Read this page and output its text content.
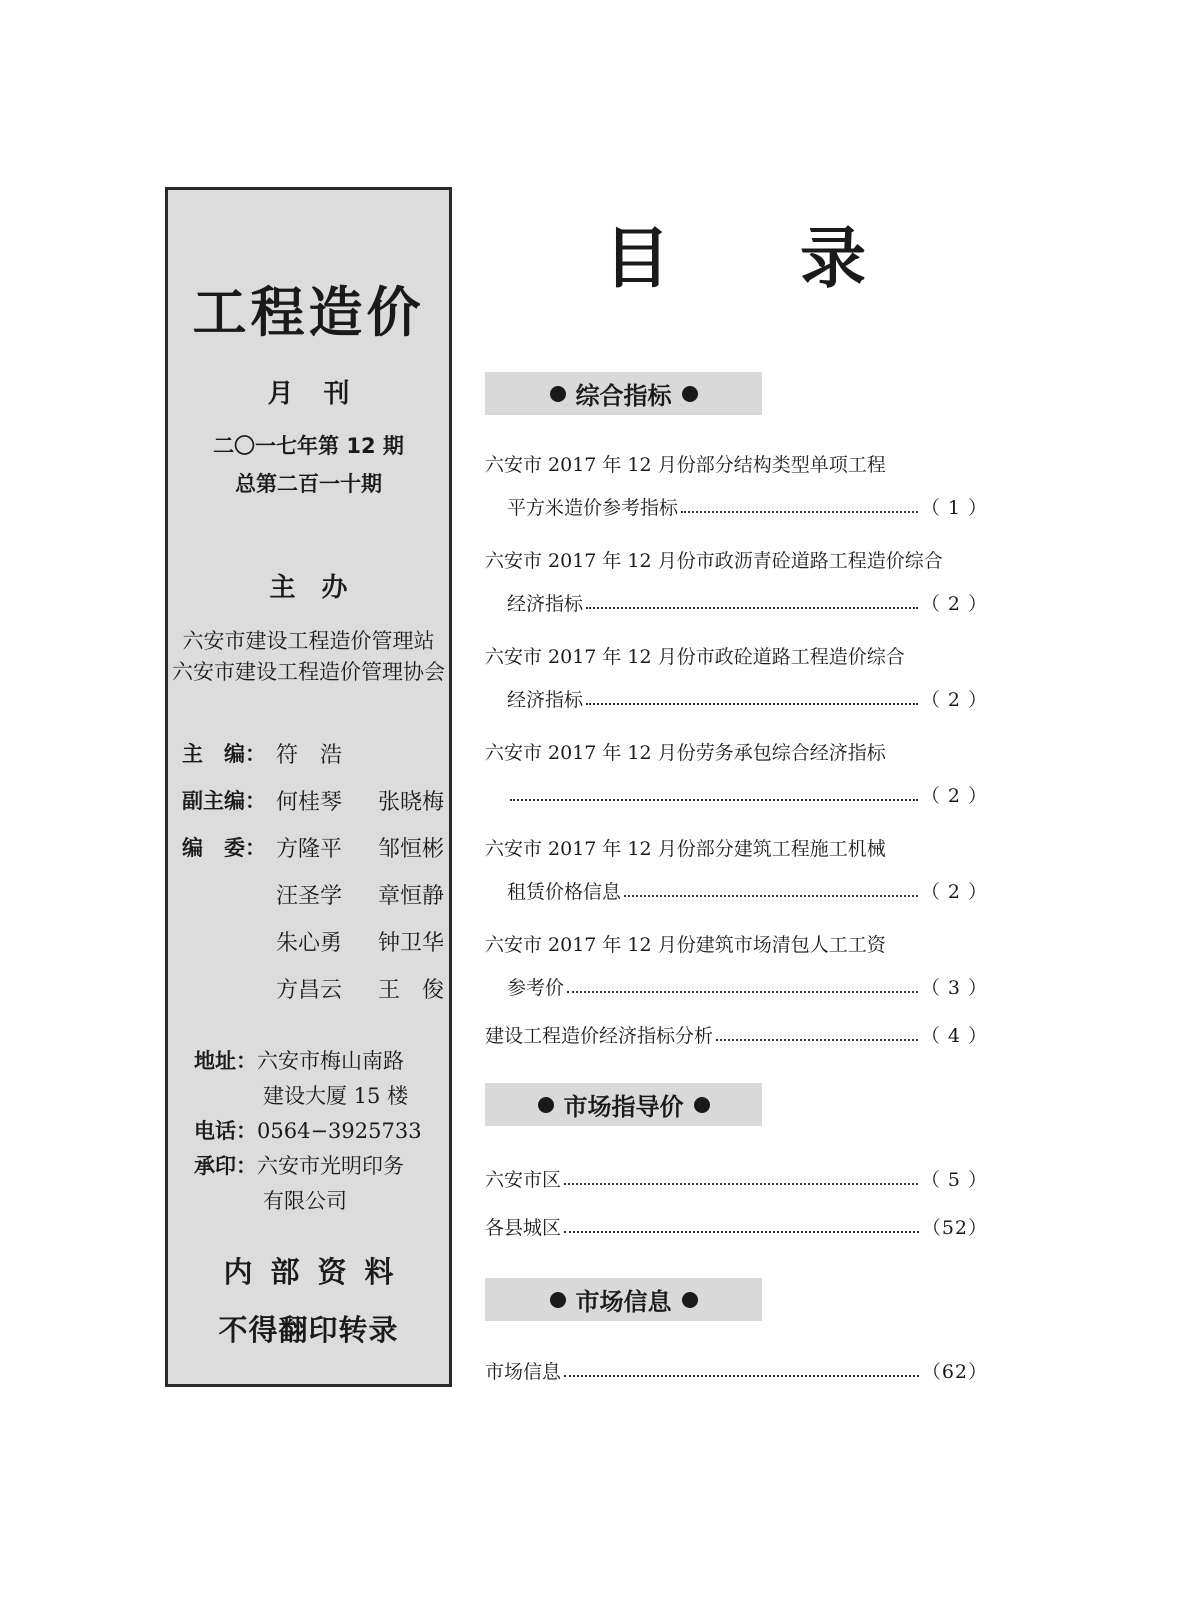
工程造价
月刊
二〇一七年第 12 期
总第二百一十期
主办
六安市建设工程造价管理站
六安市建设工程造价管理协会
主　编： 符　浩
副主编： 何桂琴 张晓梅
编　委： 方隆平 邹恒彬
汪圣学 章恒静
朱心勇 钟卫华
方昌云 王　俊
地址：六安市梅山南路
建设大厦 15 楼
电话：0564−3925733
承印：六安市光明印务
有限公司
内部资料
不得翻印转录
目 录
综合指标
六安市 2017 年 12 月份部分结构类型单项工程
平方米造价参考指标	（ 1 ）
六安市 2017 年 12 月份市政沥青砼道路工程造价综合
经济指标	（ 2 ）
六安市 2017 年 12 月份市政砼道路工程造价综合
经济指标	（ 2 ）
六安市 2017 年 12 月份劳务承包综合经济指标
（ 2 ）
六安市 2017 年 12 月份部分建筑工程施工机械
租赁价格信息	（ 2 ）
六安市 2017 年 12 月份建筑市场清包人工工资
参考价	（ 3 ）
建设工程造价经济指标分析	（ 4 ）
市场指导价
六安市区	（ 5 ）
各县城区	（52）
市场信息
市场信息	（62）
